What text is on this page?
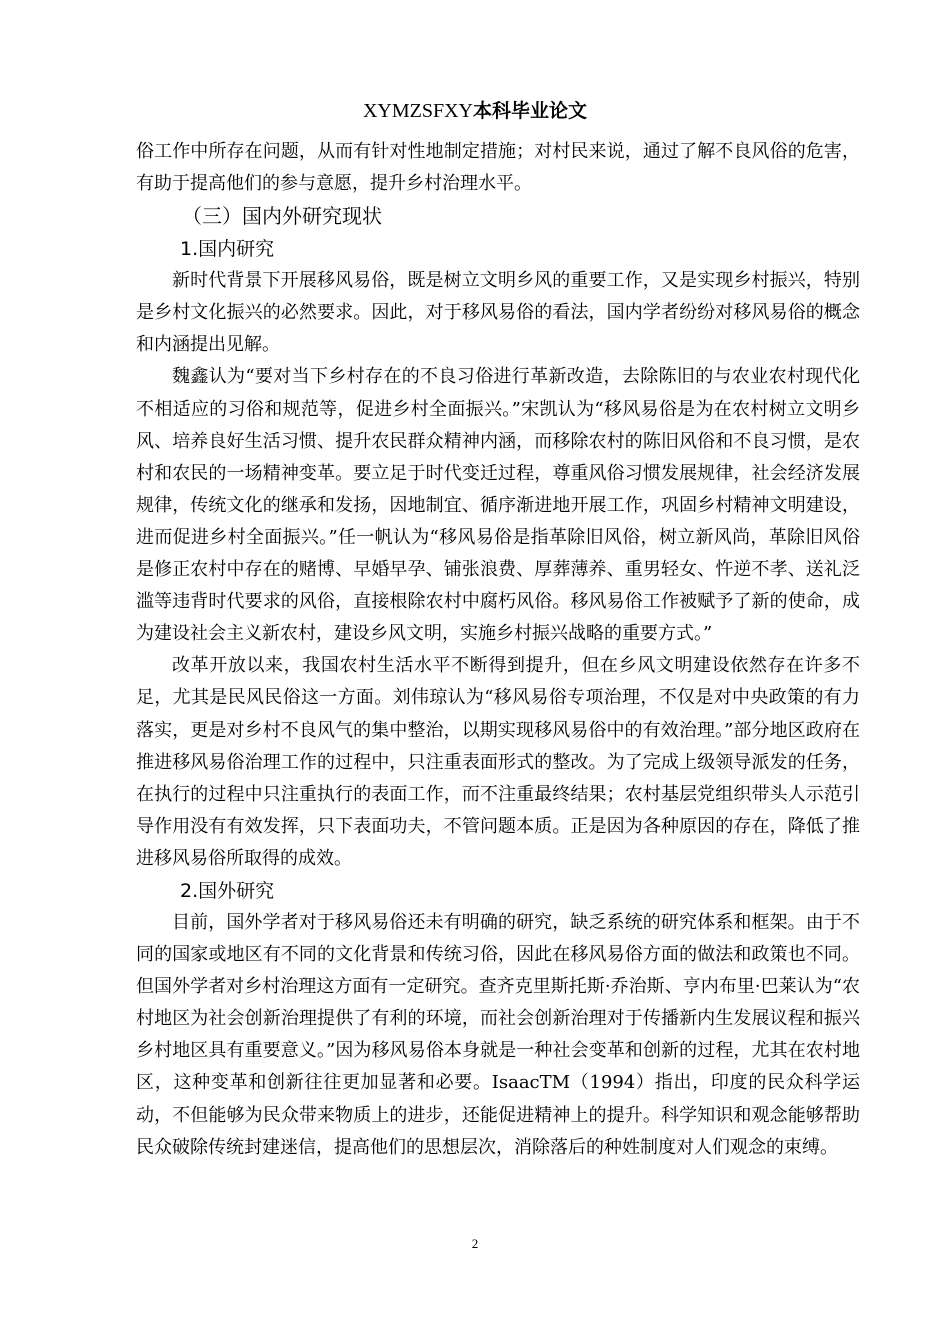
XYMZSFXY本科毕业论文

俗工作中所存在问题，从而有针对性地制定措施；对村民来说，通过了解不良风俗的危害，有助于提高他们的参与意愿，提升乡村治理水平。

（三）国内外研究现状
1.国内研究

新时代背景下开展移风易俗，既是树立文明乡风的重要工作，又是实现乡村振兴，特别是乡村文化振兴的必然要求。因此，对于移风易俗的看法，国内学者纷纷对移风易俗的概念和内涵提出见解。

魏鑫认为“要对当下乡村存在的不良习俗进行革新改造，去除陈旧的与农业农村现代化不相适应的习俗和规范等，促进乡村全面振兴。”宋凯认为“移风易俗是为在农村树立文明乡风、培养良好生活习惯、提升农民群众精神内涵，而移除农村的陈旧风俗和不良习惯，是农村和农民的一场精神变革。要立足于时代变迁过程，尊重风俗习惯发展规律，社会经济发展规律，传统文化的继承和发扬，因地制宜、循序渐进地开展工作，巩固乡村精神文明建设，进而促进乡村全面振兴。”任一帆认为“移风易俗是指革除旧风俗，树立新风尚，革除旧风俗是修正农村中存在的赌博、早婚早孕、铺张浪费、厚葬薄养、重男轻女、忤逆不孝、送礼泛滥等违背时代要求的风俗，直接根除农村中腐朽风俗。移风易俗工作被赋予了新的使命，成为建设社会主义新农村，建设乡风文明，实施乡村振兴战略的重要方式。”

改革开放以来，我国农村生活水平不断得到提升，但在乡风文明建设依然存在许多不足，尤其是民风民俗这一方面。刘伟琼认为“移风易俗专项治理，不仅是对中央政策的有力落实，更是对乡村不良风气的集中整治，以期实现移风易俗中的有效治理。”部分地区政府在推进移风易俗治理工作的过程中，只注重表面形式的整改。为了完成上级领导派发的任务，在执行的过程中只注重执行的表面工作，而不注重最终结果；农村基层党组织带头人示范引导作用没有有效发挥，只下表面功夫，不管问题本质。正是因为各种原因的存在，降低了推进移风易俗所取得的成效。

2.国外研究

目前，国外学者对于移风易俗还未有明确的研究，缺乏系统的研究体系和框架。由于不同的国家或地区有不同的文化背景和传统习俗，因此在移风易俗方面的做法和政策也不同。但国外学者对乡村治理这方面有一定研究。查齐克里斯托斯·乔治斯、亨内布里·巴莱认为“农村地区为社会创新治理提供了有利的环境，而社会创新治理对于传播新内生发展议程和振兴乡村地区具有重要意义。”因为移风易俗本身就是一种社会变革和创新的过程，尤其在农村地区，这种变革和创新往往更加显著和必要。IsaacTM（1994）指出，印度的民众科学运动，不但能够为民众带来物质上的进步，还能促进精神上的提升。科学知识和观念能够帮助民众破除传统封建迷信，提高他们的思想层次，消除落后的种姓制度对人们观念的束缚。

2
